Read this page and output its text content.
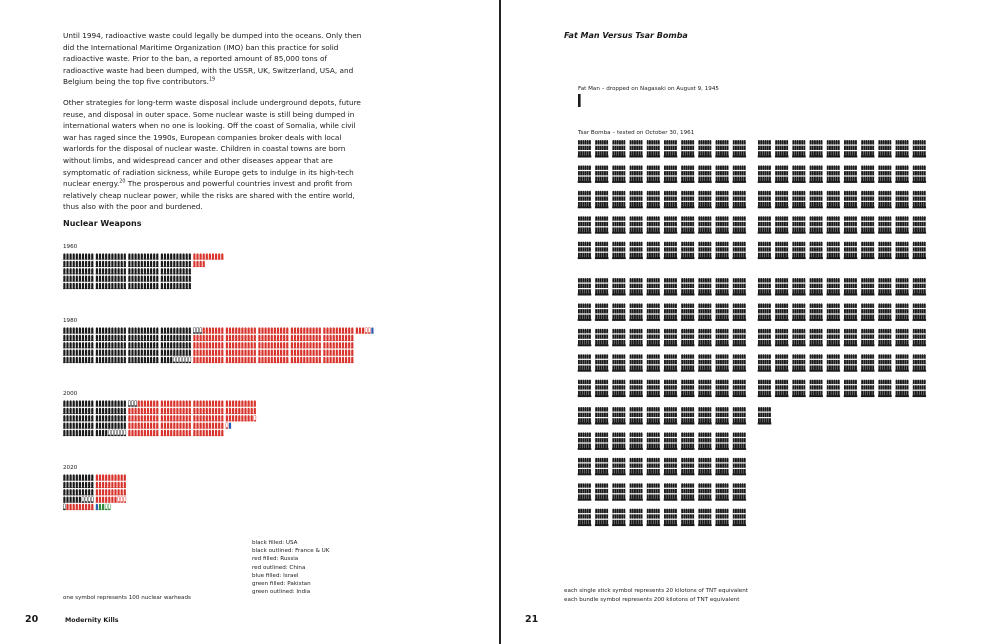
Until 1994, radioactive waste could legally be dumped into the oceans. Only then did the International Maritime Organization (IMO) ban this practice for solid radioactive waste. Prior to the ban, a reported amount of 85,000 tons of radioactive waste had been dumped, with the USSR, UK, Switzerland, USA, and Belgium being the top five contributors.$^{19}$

Other strategies for long-term waste disposal include underground depots, future reuse, and disposal in outer space. Some nuclear waste is still being dumped in international waters when no one is looking. Off the coast of Somalia, while civil war has raged since the 1990s, European companies broker deals with local warlords for the disposal of nuclear waste. Children in coastal towns are born without limbs, and widespread cancer and other diseases appear that are symptomatic of radiation sickness, while Europe gets to indulge in its high-tech nuclear energy.$^{20}$ The prosperous and powerful countries invest and profit from relatively cheap nuclear power, while the risks are shared with the entire world, thus also with the poor and burdened.

Nuclear Weapons
1960
1980
2000
2020
black filled: USA
black outlined: France & UK
red filled: Russia
red outlined: China
blue filled: Israel
green filled: Pakistan
green outlined: India
one symbol represents 100 nuclear warheads
20	Modernity Kills
Fat Man Versus Tsar Bomba
Fat Man – dropped on Nagasaki on August 9, 1945
Tsar Bomba – tested on October 30, 1961
each single stick symbol represents 20 kilotons of TNT equivalent
each bundle symbol represents 200 kilotons of TNT equivalent
21
